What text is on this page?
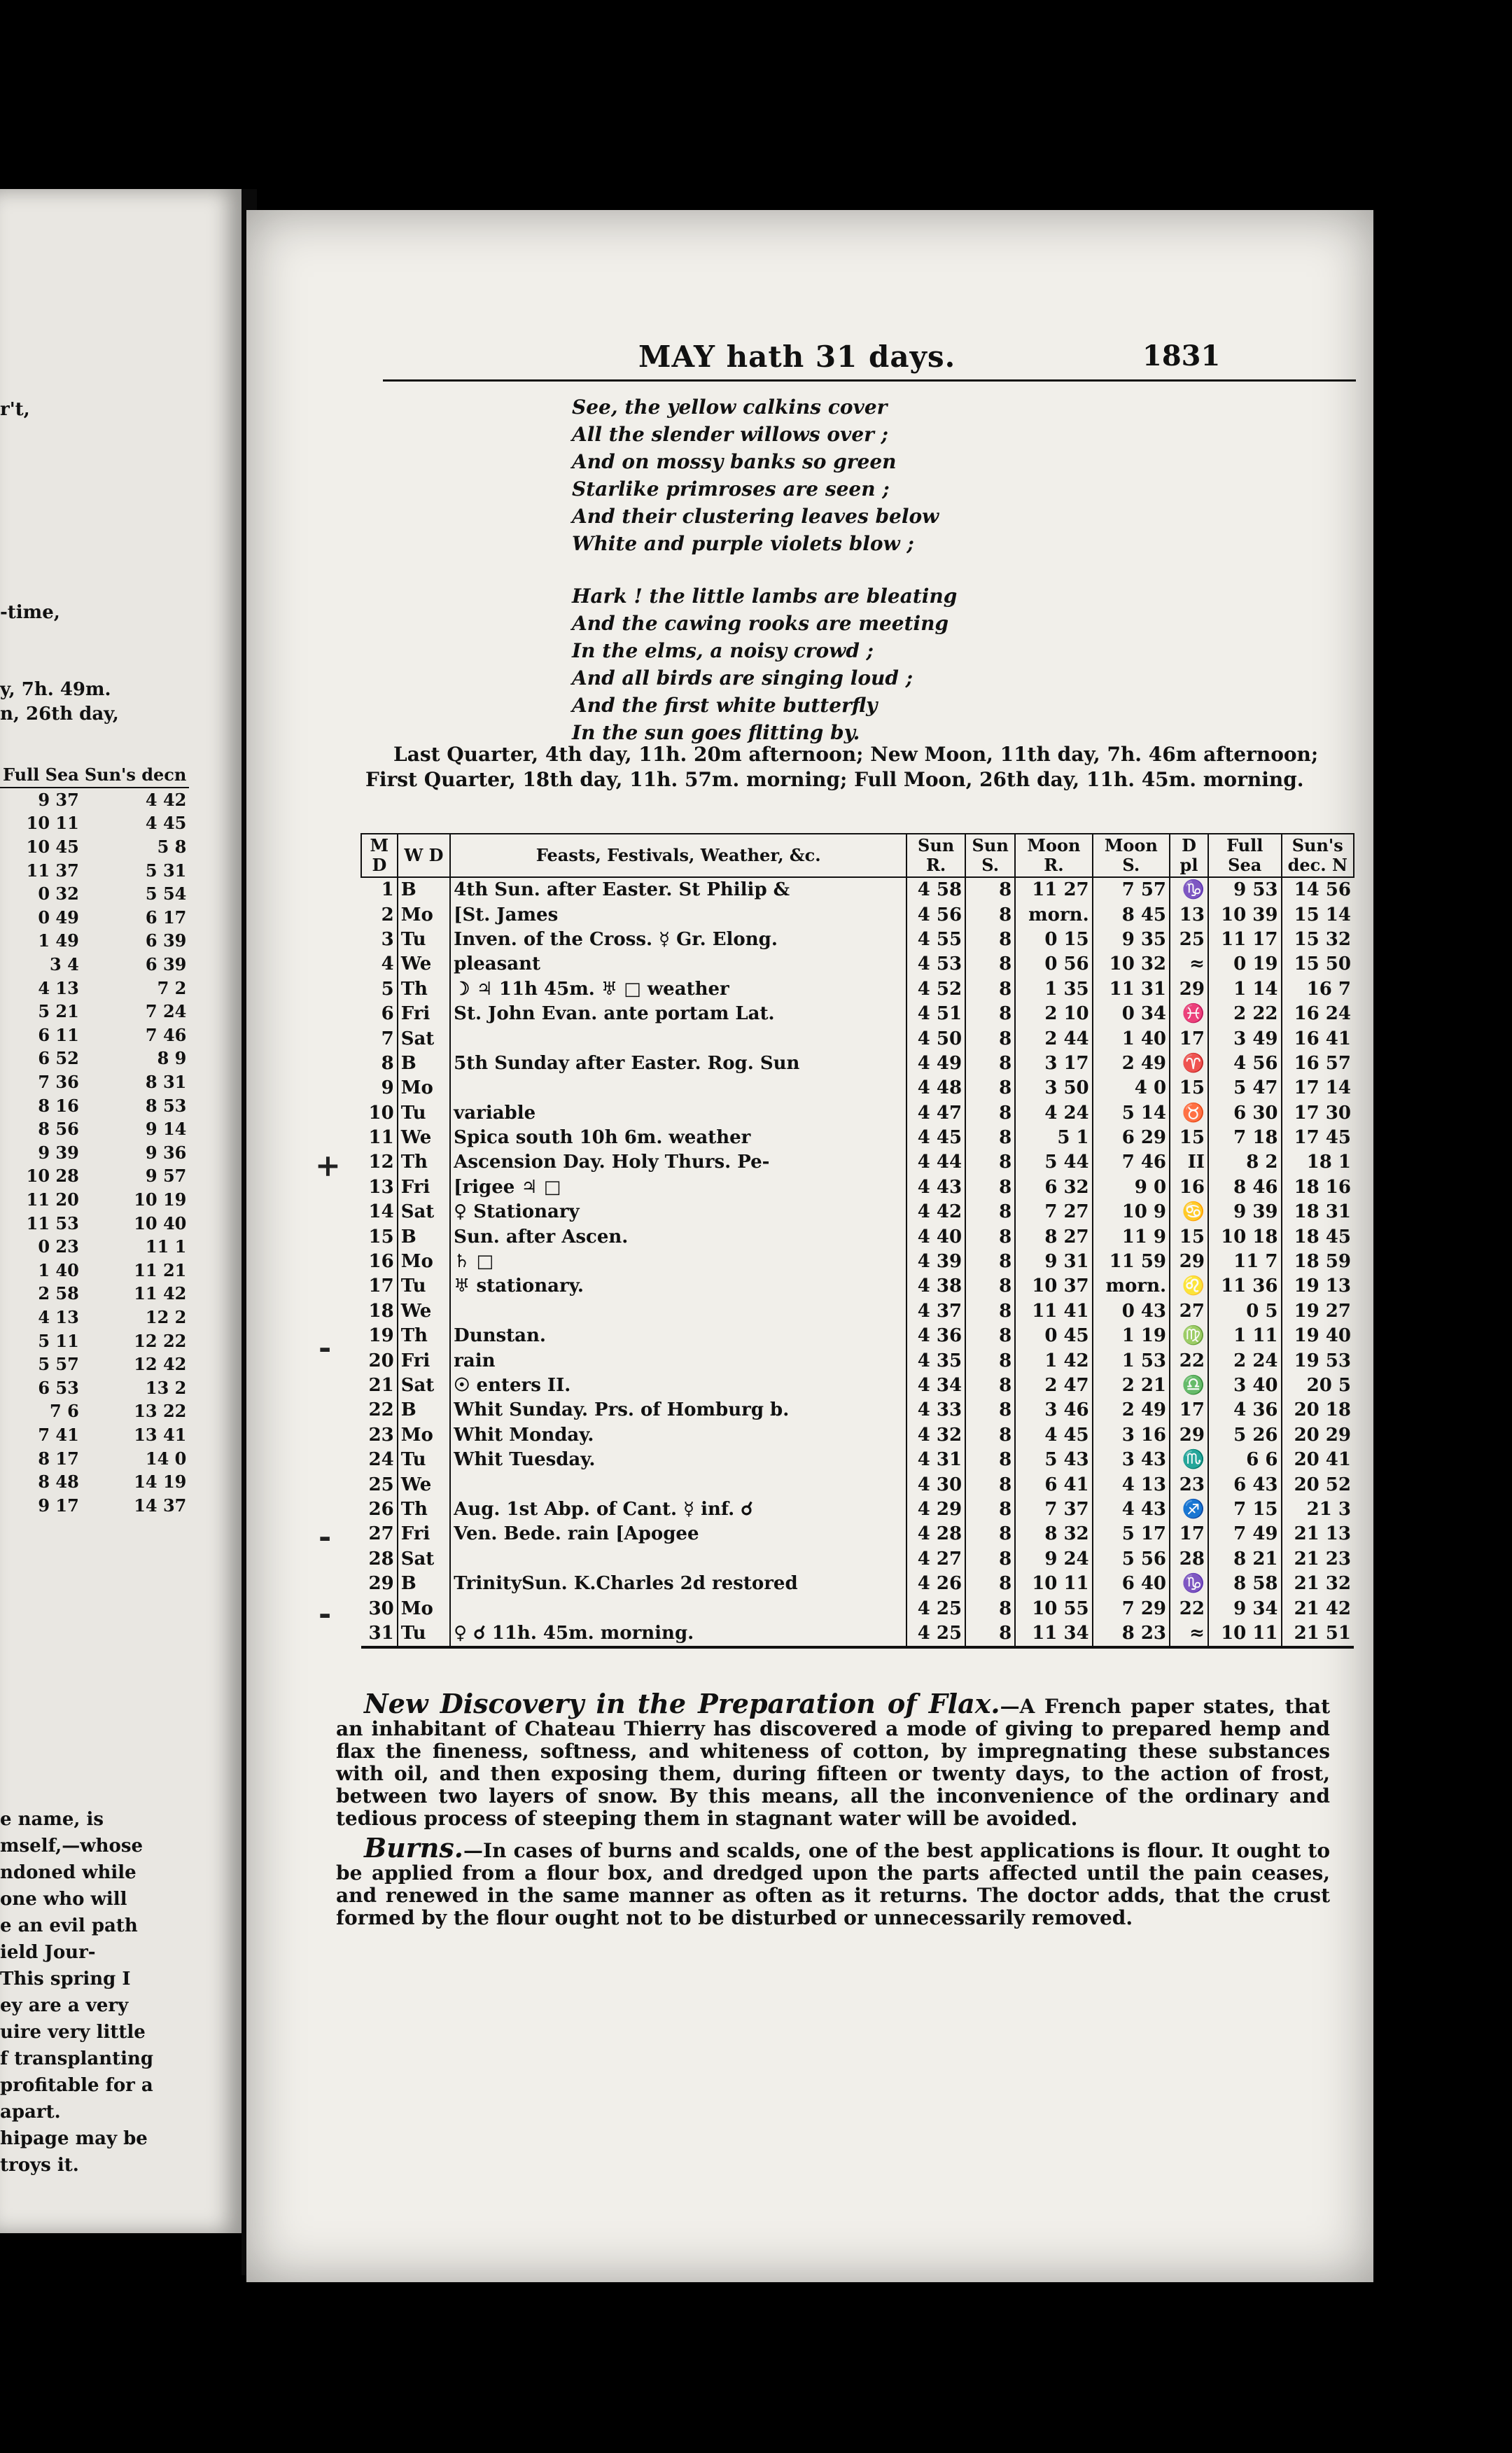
r't,
-time,
y, 7h. 49m.
n, 26th day,
Full Sea	Sun's decn
9 37	4 42
10 11	4 45
10 45	5 8
11 37	5 31
0 32	5 54
0 49	6 17
1 49	6 39
3 4	6 39
4 13	7 2
5 21	7 24
6 11	7 46
6 52	8 9
7 36	8 31
8 16	8 53
8 56	9 14
9 39	9 36
10 28	9 57
11 20	10 19
11 53	10 40
0 23	11 1
1 40	11 21
2 58	11 42
4 13	12 2
5 11	12 22
5 57	12 42
6 53	13 2
7 6	13 22
7 41	13 41
8 17	14 0
8 48	14 19
9 17	14 37
e name, is
mself,—whose
ndoned while
one who will
e an evil path
ield Jour-
This spring I
ey are a very
uire very little
f transplanting
profitable for a
apart.
hipage may be
troys it.
MAY hath 31 days.	1831
See, the yellow calkins cover
All the slender willows over ;
And on mossy banks so green
Starlike primroses are seen ;
And their clustering leaves below
White and purple violets blow ;
Hark ! the little lambs are bleating
And the cawing rooks are meeting
In the elms, a noisy crowd ;
And all birds are singing loud ;
And the first white butterfly
In the sun goes flitting by.
Last Quarter, 4th day, 11h. 20m afternoon; New Moon, 11th day, 7h. 46m afternoon; First Quarter, 18th day, 11h. 57m. morning; Full Moon, 26th day, 11h. 45m. morning.
M D	W D	Feasts, Festivals, Weather, &c.	Sun R.	Sun S.	Moon R.	Moon S.	D pl	Full Sea	Sun's dec. N
1	B	4th Sun. after Easter. St Philip &	4 58	8	11 27	7 57	♑	9 53	14 56
2	Mo	[St. James	4 56	8	morn.	8 45	13	10 39	15 14
3	Tu	Inven. of the Cross. ☿ Gr. Elong.	4 55	8	0 15	9 35	25	11 17	15 32
4	We	pleasant	4 53	8	0 56	10 32	≈	0 19	15 50
5	Th	☽ ♃ 11h 45m. ♅ □ weather	4 52	8	1 35	11 31	29	1 14	16 7
6	Fri	St. John Evan. ante portam Lat.	4 51	8	2 10	0 34	♓	2 22	16 24
7	Sat		4 50	8	2 44	1 40	17	3 49	16 41
8	B	5th Sunday after Easter. Rog. Sun	4 49	8	3 17	2 49	♈	4 56	16 57
9	Mo		4 48	8	3 50	4 0	15	5 47	17 14
10	Tu	variable	4 47	8	4 24	5 14	♉	6 30	17 30
11	We	Spica south 10h 6m. weather	4 45	8	5 1	6 29	15	7 18	17 45
12	Th	Ascension Day. Holy Thurs. Pe-	4 44	8	5 44	7 46	II	8 2	18 1
13	Fri	[rigee ♃ □	4 43	8	6 32	9 0	16	8 46	18 16
14	Sat	♀ Stationary	4 42	8	7 27	10 9	♋	9 39	18 31
15	B	Sun. after Ascen.	4 40	8	8 27	11 9	15	10 18	18 45
16	Mo	♄ □	4 39	8	9 31	11 59	29	11 7	18 59
17	Tu	♅ stationary.	4 38	8	10 37	morn.	♌	11 36	19 13
18	We		4 37	8	11 41	0 43	27	0 5	19 27
19	Th	Dunstan.	4 36	8	0 45	1 19	♍	1 11	19 40
20	Fri	rain	4 35	8	1 42	1 53	22	2 24	19 53
21	Sat	☉ enters II.	4 34	8	2 47	2 21	♎	3 40	20 5
22	B	Whit Sunday. Prs. of Homburg b.	4 33	8	3 46	2 49	17	4 36	20 18
23	Mo	Whit Monday.	4 32	8	4 45	3 16	29	5 26	20 29
24	Tu	Whit Tuesday.	4 31	8	5 43	3 43	♏	6 6	20 41
25	We		4 30	8	6 41	4 13	23	6 43	20 52
26	Th	Aug. 1st Abp. of Cant. ☿ inf. ☌	4 29	8	7 37	4 43	♐	7 15	21 3
27	Fri	Ven. Bede. rain [Apogee	4 28	8	8 32	5 17	17	7 49	21 13
28	Sat		4 27	8	9 24	5 56	28	8 21	21 23
29	B	TrinitySun. K.Charles 2d restored	4 26	8	10 11	6 40	♑	8 58	21 32
30	Mo		4 25	8	10 55	7 29	22	9 34	21 42
31	Tu	♀ ☌ 11h. 45m. morning.	4 25	8	11 34	8 23	≈	10 11	21 51

New Discovery in the Preparation of Flax.—A French paper states, that an inhabitant of Chateau Thierry has discovered a mode of giving to prepared hemp and flax the fineness, softness, and whiteness of cotton, by impregnating these substances with oil, and then exposing them, during fifteen or twenty days, to the action of frost, between two layers of snow. By this means, all the inconvenience of the ordinary and tedious process of steeping them in stagnant water will be avoided.

Burns.—In cases of burns and scalds, one of the best applications is flour. It ought to be applied from a flour box, and dredged upon the parts affected until the pain ceases, and renewed in the same manner as often as it returns. The doctor adds, that the crust formed by the flour ought not to be disturbed or unnecessarily removed.

+
-
-
-
